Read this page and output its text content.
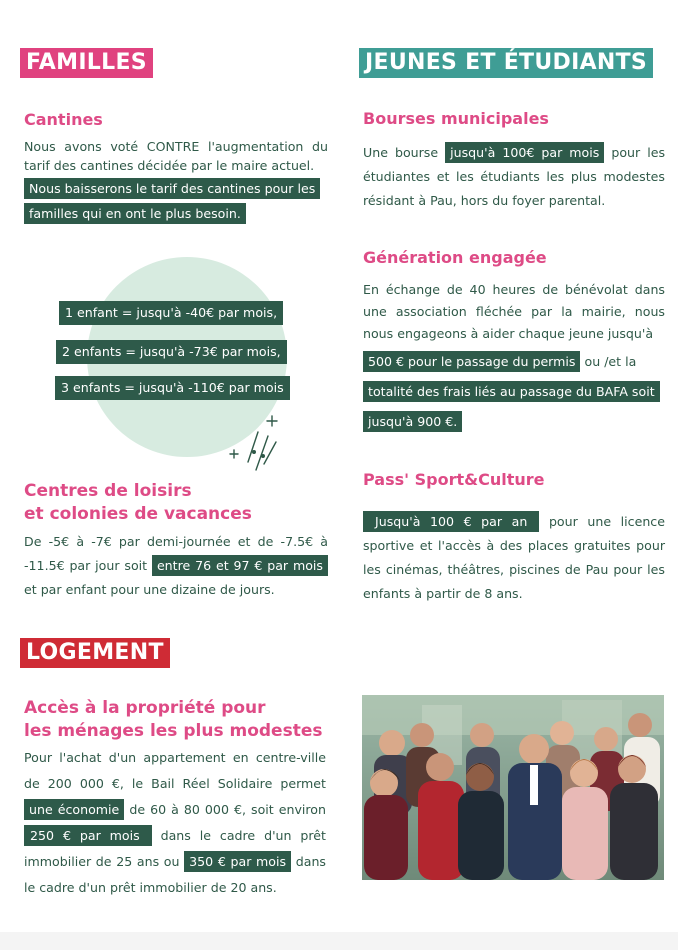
FAMILLES	JEUNES ET ÉTUDIANTS
LOGEMENT
Cantines
Nous avons voté CONTRE l'augmentation du tarif des cantines décidée par le maire actuel.
Nous baisserons le tarif des cantines pour les familles qui en ont le plus besoin.
1 enfant = jusqu'à -40€ par mois,
2 enfants = jusqu'à -73€ par mois,
3 enfants = jusqu'à -110€ par mois
Centres de loisirs
et colonies de vacances
De -5€ à -7€ par demi-journée et de -7.5€ à -11.5€ par jour soit entre 76 et 97 € par mois et par enfant pour une dizaine de jours.
Bourses municipales
Une bourse jusqu'à 100€ par mois pour les étudiantes et les étudiants les plus modestes résidant à Pau, hors du foyer parental.
Génération engagée
En échange de 40 heures de bénévolat dans une association fléchée par la mairie, nous nous engageons à aider chaque jeune jusqu'à
500 € pour le passage du permis ou /et la totalité des frais liés au passage du BAFA soit jusqu'à 900 €.
Pass' Sport&Culture
Jusqu'à 100 € par an pour une licence sportive et l'accès à des places gratuites pour les cinémas, théâtres, piscines de Pau pour les enfants à partir de 8 ans.
Accès à la propriété pour
les ménages les plus modestes
Pour l'achat d'un appartement en centre-ville de 200 000 €, le Bail Réel Solidaire permet une économie de 60 à 80 000 €, soit environ 250 € par mois dans le cadre d'un prêt immobilier de 25 ans ou 350 € par mois dans le cadre d'un prêt immobilier de 20 ans.
